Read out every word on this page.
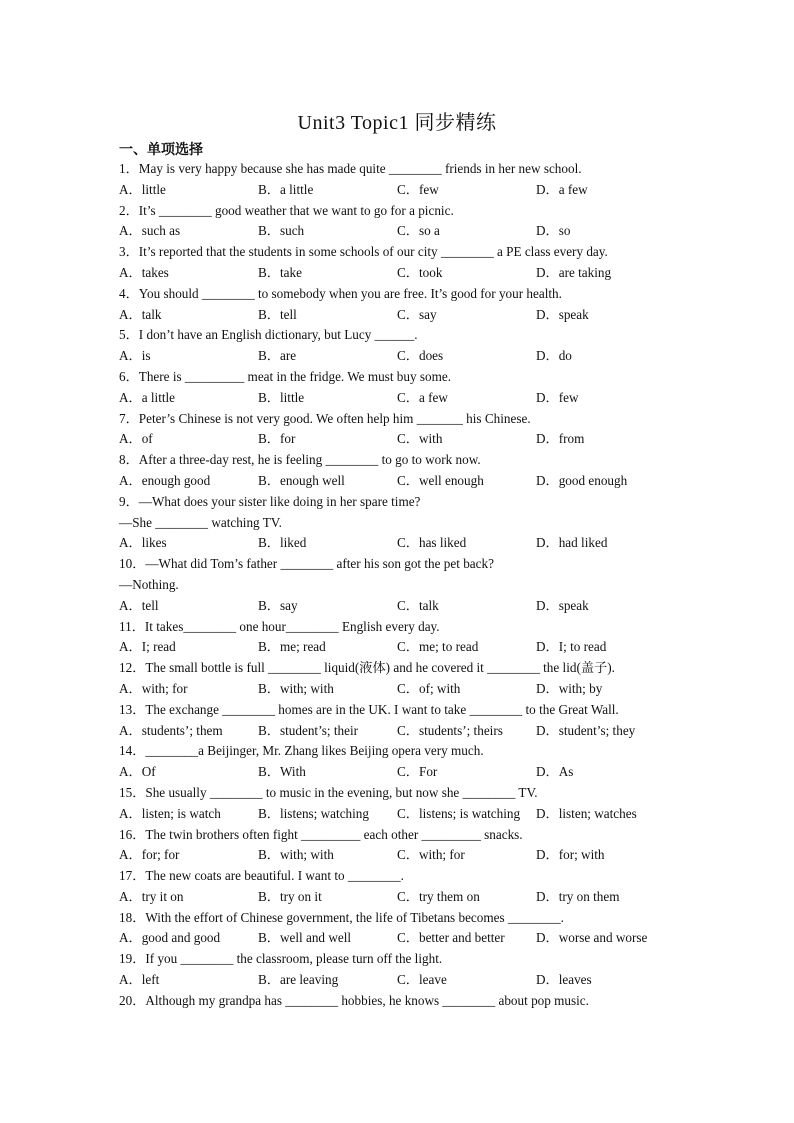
Unit3 Topic1 同步精练
一、单项选择
1．May is very happy because she has made quite ________ friends in her new school.
A．little	B．a little	C．few	D．a few
2．It’s ________ good weather that we want to go for a picnic.
A．such as	B．such	C．so a	D．so
3．It’s reported that the students in some schools of our city ________ a PE class every day.
A．takes	B．take	C．took	D．are taking
4．You should ________ to somebody when you are free. It’s good for your health.
A．talk	B．tell	C．say	D．speak
5．I don’t have an English dictionary, but Lucy ______.
A．is	B．are	C．does	D．do
6．There is _________ meat in the fridge. We must buy some.
A．a little	B．little	C．a few	D．few
7．Peter’s Chinese is not very good. We often help him _______ his Chinese.
A．of	B．for	C．with	D．from
8．After a three-day rest, he is feeling ________ to go to work now.
A．enough good	B．enough well	C．well enough	D．good enough
9．—What does your sister like doing in her spare time?
—She ________ watching TV.
A．likes	B．liked	C．has liked	D．had liked
10．—What did Tom’s father ________ after his son got the pet back?
—Nothing.
A．tell	B．say	C．talk	D．speak
11．It takes________ one hour________ English every day.
A．I; read	B．me; read	C．me; to read	D．I; to read
12．The small bottle is full ________ liquid(液体) and he covered it ________ the lid(盖子).
A．with; for	B．with; with	C．of; with	D．with; by
13．The exchange ________ homes are in the UK. I want to take ________ to the Great Wall.
A．students’; them	B．student’s; their	C．students’; theirs	D．student’s; they
14．________a Beijinger, Mr. Zhang likes Beijing opera very much.
A．Of	B．With	C．For	D．As
15．She usually ________ to music in the evening, but now she ________ TV.
A．listen; is watch	B．listens; watching	C．listens; is watching	D．listen; watches
16．The twin brothers often fight _________ each other _________ snacks.
A．for; for	B．with; with	C．with; for	D．for; with
17．The new coats are beautiful. I want to ________.
A．try it on	B．try on it	C．try them on	D．try on them
18．With the effort of Chinese government, the life of Tibetans becomes ________.
A．good and good	B．well and well	C．better and better	D．worse and worse
19．If you ________ the classroom, please turn off the light.
A．left	B．are leaving	C．leave	D．leaves
20．Although my grandpa has ________ hobbies, he knows ________ about pop music.
